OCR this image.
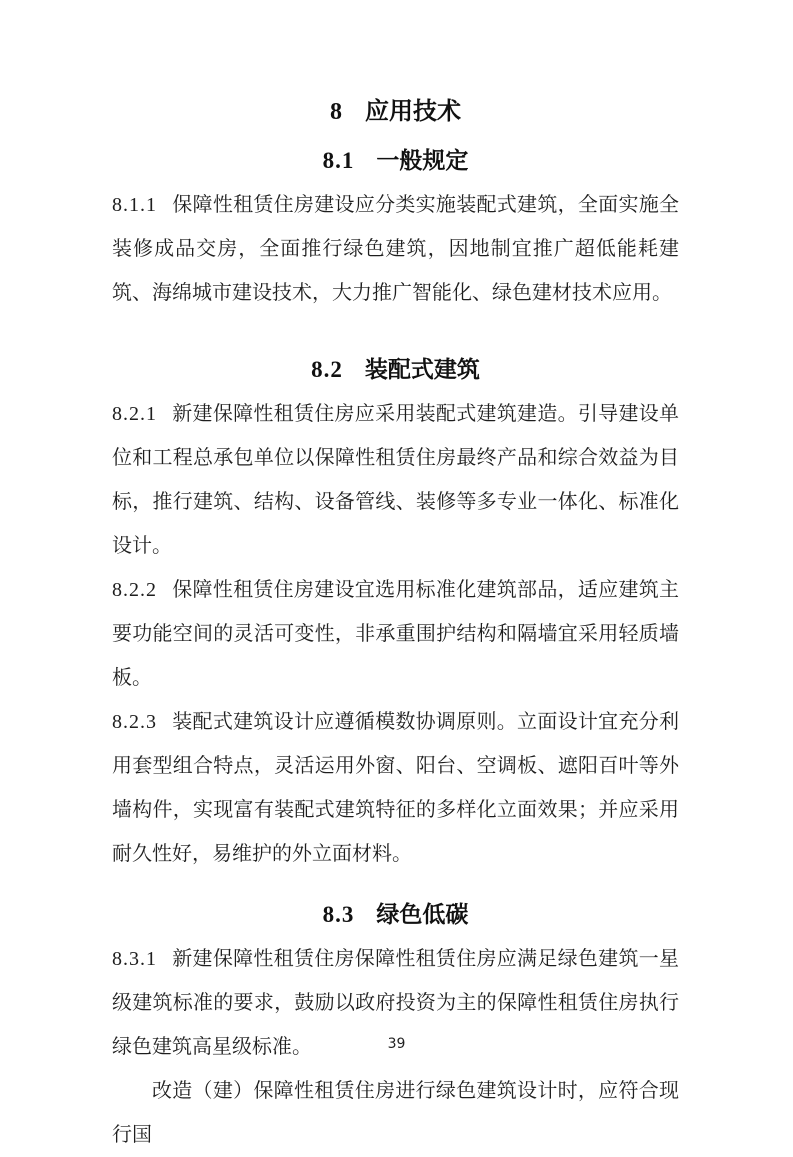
8 应用技术
8.1 一般规定

8.1.1 保障性租赁住房建设应分类实施装配式建筑，全面实施全装修成品交房，全面推行绿色建筑，因地制宜推广超低能耗建筑、海绵城市建设技术，大力推广智能化、绿色建材技术应用。

8.2 装配式建筑

8.2.1 新建保障性租赁住房应采用装配式建筑建造。引导建设单位和工程总承包单位以保障性租赁住房最终产品和综合效益为目标，推行建筑、结构、设备管线、装修等多专业一体化、标准化设计。

8.2.2 保障性租赁住房建设宜选用标准化建筑部品，适应建筑主要功能空间的灵活可变性，非承重围护结构和隔墙宜采用轻质墙板。

8.2.3 装配式建筑设计应遵循模数协调原则。立面设计宜充分利用套型组合特点，灵活运用外窗、阳台、空调板、遮阳百叶等外墙构件，实现富有装配式建筑特征的多样化立面效果；并应采用耐久性好，易维护的外立面材料。

8.3 绿色低碳

8.3.1 新建保障性租赁住房保障性租赁住房应满足绿色建筑一星级建筑标准的要求，鼓励以政府投资为主的保障性租赁住房执行绿色建筑高星级标准。

改造（建）保障性租赁住房进行绿色建筑设计时，应符合现行国

39
